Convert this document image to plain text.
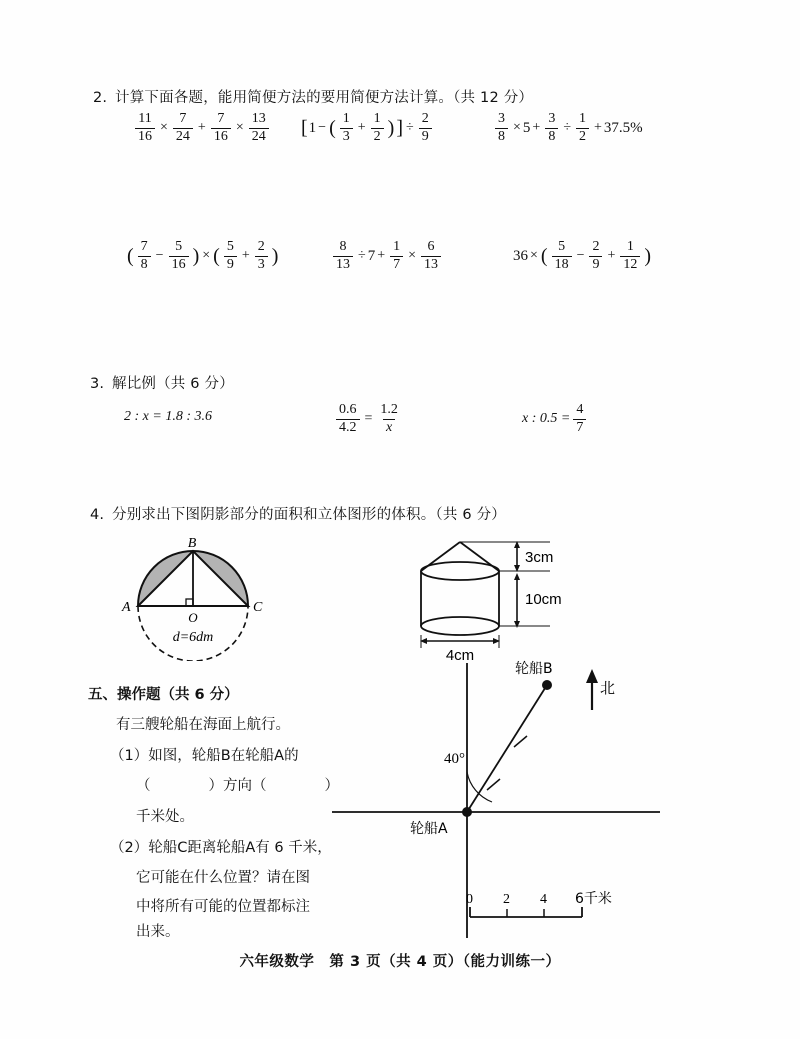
2. 计算下面各题，能用简便方法的要用简便方法计算。（共 12 分）
$\frac{11}{16} \times \frac{7}{24} + \frac{7}{16} \times \frac{13}{24}$ [ 1 − ( $\frac{1}{3} + \frac{1}{2}$ ) ] ÷ $\frac{2}{9}$	$\frac{3}{8} \times 5 + \frac{3}{8} \div \frac{1}{2} + 37.5\%$
( $\frac{7}{8} - \frac{5}{16}$ ) × ( $\frac{5}{9} + \frac{2}{3}$ )	$\frac{8}{13} \div 7 + \frac{1}{7} \times \frac{6}{13}$	36 × ( $\frac{5}{18} - \frac{2}{9} + \frac{1}{12}$ )
3. 解比例（共 6 分）
2 : x = 1.8 : 3.6	$\frac{0.6}{4.2} = \frac{1.2}{x}$	x : $0.5 = \frac{4}{7}$
4. 分别求出下图阴影部分的面积和立体图形的体积。（共 6 分）
B
A	C
O
d=6dm
3cm
10cm
4cm
五、操作题（共 6 分）
有三艘轮船在海面上航行。
（1）如图，轮船B在轮船A的
（　　　　）方向（　　　　）
千米处。
（2）轮船C距离轮船A有 6 千米，
它可能在什么位置？请在图
中将所有可能的位置都标注
出来。
40°
轮船A
轮船B
北
0 2 4 6千米
六年级数学　第 3 页（共 4 页）（能力训练一）
